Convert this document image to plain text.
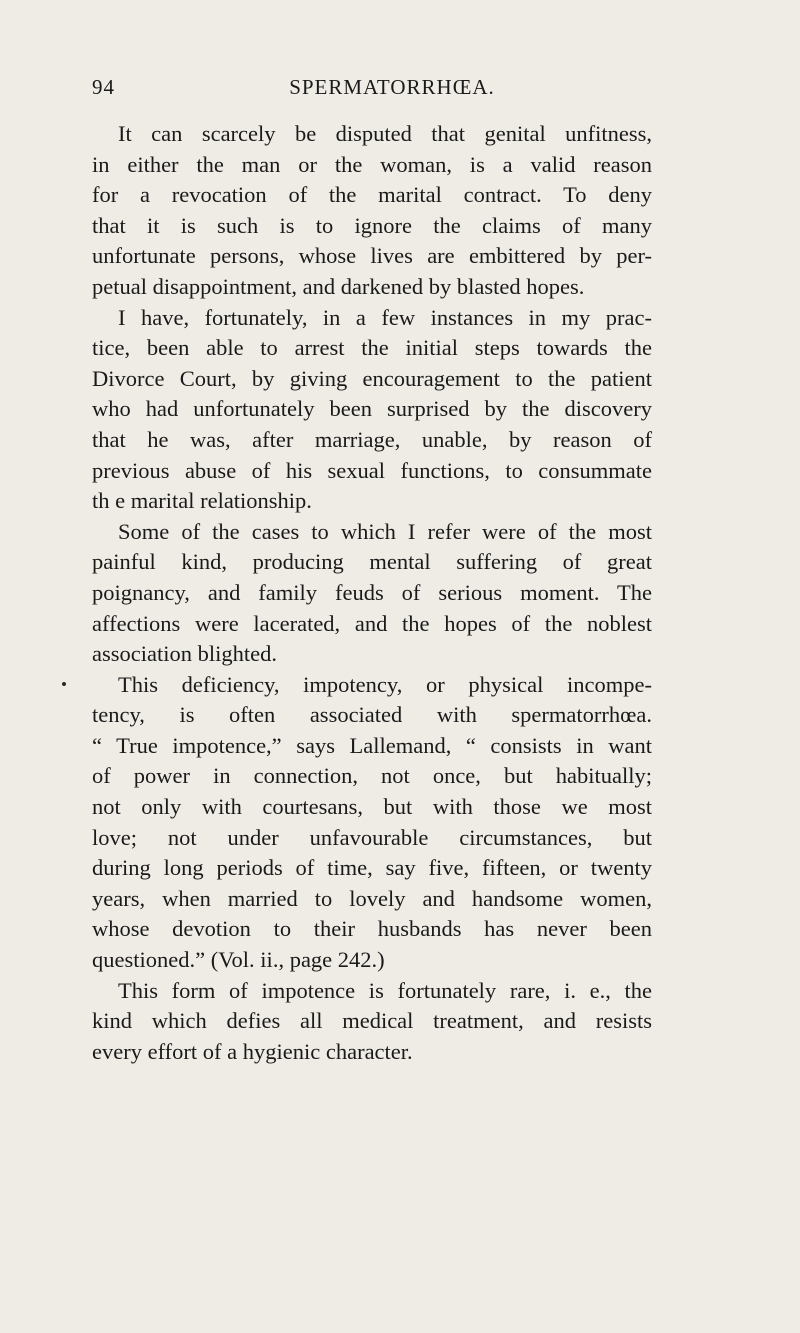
94	SPERMATORRHŒA.
It can scarcely be disputed that genital unfitness,
in either the man or the woman, is a valid reason
for a revocation of the marital contract. To deny
that it is such is to ignore the claims of many
unfortunate persons, whose lives are embittered by per-
petual disappointment, and darkened by blasted hopes.
I have, fortunately, in a few instances in my prac-
tice, been able to arrest the initial steps towards the
Divorce Court, by giving encouragement to the patient
who had unfortunately been surprised by the discovery
that he was, after marriage, unable, by reason of
previous abuse of his sexual functions, to consummate
th e marital relationship.
Some of the cases to which I refer were of the most
painful kind, producing mental suffering of great
poignancy, and family feuds of serious moment. The
affections were lacerated, and the hopes of the noblest
association blighted.
This deficiency, impotency, or physical incompe-
tency, is often associated with spermatorrhœa.
“ True impotence,” says Lallemand, “ consists in want
of power in connection, not once, but habitually;
not only with courtesans, but with those we most
love; not under unfavourable circumstances, but
during long periods of time, say five, fifteen, or twenty
years, when married to lovely and handsome women,
whose devotion to their husbands has never been
questioned.” (Vol. ii., page 242.)
This form of impotence is fortunately rare, i. e., the
kind which defies all medical treatment, and resists
every effort of a hygienic character.
